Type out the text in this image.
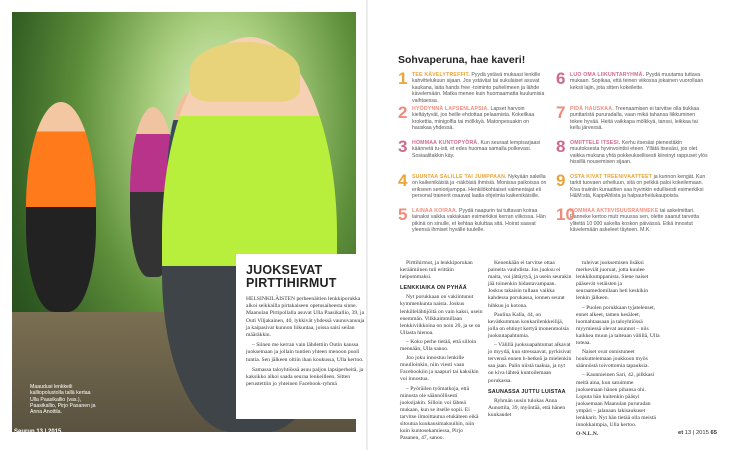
Maaudusi lenkkeili kalliopolustolla tallä kertaa Ulla Paasikallio (vas.), Paasikallio, Pirjo Pasanen ja Anna Anottila.
Seurun 13 | 2015
JUOKSEVAT PIRTTIHIRMUT

HELSINKILÄISTEN perheenäitien lenkkiporukka alkoi seikkailla pirtakaiseen opetusaiheesta sinne. Maanulan Pirtipollalla asuvat Ulla Paasikallio, 39, ja Outi Viljakainen, 40, lykkivät yhdessä vaunuvanuuja ja kaipasivat kunnon liikuntaa, joissa saisi seilan määräkkin.

– Siinen me kerran vain lähdettiin Outin kanssa juoksemaan ja jollain tuntien yhteen menoon puoli tuntia. Sen jälkeen oltiin ihan koukussa, Ulla kertoo.

Samassa taloyhtiössä asuu paljon lapsiperheitä, ja kaksikko alkoi saada seuraa lenkeilleen. Sitten perustettiin jo yhteinen Facebook-ryhmä

Sohvaperuna, hae kaveri!
1 TEE KÄVELYTREFFIT. Pyydä ystävä mukaasi lenkille kahvittelukuun sijaan. Jos ystäväsi tai sukulaiset asuvat kaukana, laita hands free -toiminto puhelimeen ja lähde kävelemään. Matka menee kuin huomaamatta kuulumisia vaihtaessa.
2 HYÖDYNNÄ LAPSENLAPSIA. Lapset harvoin kieltäytyvät, jos heille ehdottaa pelaamista. Kokeilkaa krokettia, minigolfia tai mölkkyä. Matonpesuakin on hauskaa yhdessä.
3 HOMMAA KUNTOPYÖRÄ. Kun seuraat lempisarjaasi käännetä tu-isti, et edes huomaa samalla polkevasi. Sosiaalitakkin käy.
4 SUUNTAA SALILLE TAI JUMPPAAN. Nykyään saleilla on kaikenikäisiä ja -näköisiä ihmisiä. Monissa paikoissa on erikseen seniorijumppa. Henkilökohtaiset valmentajat eli personal trainerit osaavat laatia ohjelmia kaikenikäisille.
5 LAINAA KOIRAA. Pyydä naapurin tai tuttavan koiraa lainaksi vaikka vakiakaan esimerkiksi kerran viikossa. Hän pikinä on sinulle, et kehtaa kuluttaa sitä. Hoirat saavat yleensä ihmiset hyvälle tuulelle.
6 LUO OMA LIIKUNTARYHMÄ. Pyydä muutama tuttava mukaan. Sopikaa, että teinen viikossa jokainen vuorollaan keksii lajin, jota sitten kokeilette.
7 PIDÄ HAUSKAA. Treenaamisen ei tarvitse olla tiukkaa punttaristä pururadalla, vaan mikä tahansa liikkuminen tekee hyvää. Heitä vaikkapa mölkkyä, tanssi, leikkaa tai kellu järvessä.
8 OMIITTELE ITSESI. Kerhu itsesäsi pienestäkin muutoksesta hyvinvointisi eteen. Yllätä itsesäsi, jos olet vaikka mukana yhtä pokkeuksellisesti kiireinyt rappuset ylös hissillä nousemisen sijaan.
9 OSTA KIVAT TREENIVAATTEET ja kunnon kengät. Kun tarkit tuovaen urheiluun, sitä on pelkkä paloi kokeilemaan. Kiva traiiniin kuraattien saa hyvinkin edullisesti esimerkiksi H&M:stä, KappAhlista ja halpaurheilukaupoista.
10
HOMMAA AKTIIVISUUSRANNEKE tai askelmittari. Ranneke kertoo mutr muussa sen, olette saanut tarvetta ylitettä 10 000 askelta koskon päivässä. Etkä innostut kävelemään askeleet täyteen. M.K.

Pirttihirmut, ja lenkkiporukan keräämiinen tuli erittäin helpommaksi.

LENKKIAIKA ON PYHÄÄ

Nyt porukkaan on vakiintunut kymmenkunta naista. Joskus lenkillelähtijöitä on vain kaksi, usein enemmän. Vilkkaimmillaan lenkkiviikkoina on noin 20, ja se on Ullasta hienoa.

– Koko perhe tietää, että silloin mennään, Ulla sanoo.

Joo joku innostuu lenkille muulloinkin, niin viesti vaan Facebookiin ja naapuri tai kaksikin voi innostua.

– Pyöräilen työmatkoja, että minusta ole säännöllisesti juoksijakin. Silloin voi lähteä mukaan, kun se itselle sopii. Ei tarvitse ilmoittautua etukäteen eikä sitoutua kuukausimaksuihin, niin kuin kuntosekamiessa, Pirjo Pasanen, 47, sanoo.

Kenenkään ei tarvitse ottaa paineita vauhdista. Jos juoksu ei maita, voi jättäytyä, ja usein seurakin jää toinenkin hidastavampaan. Joskus takaisin tullaan vaikka kahdessa porukassa, ionnen seurat hihkuu jo kotona.

Paulina Kalla, 44, on kevätkumman konkarilenkkeilijä, jolla on ehtinyt kertyä monenmoisia juoksutapahtumia.

– Välillä juoksuapahtumat alkavat jo myydä, kun stressaavat, pyrkisivat tervensä ennen h-hetkeä ja mielenkin saa jaan. Palin niistä taakua, ja nyt on kiva lähteä kuntoilemaan porukassa.

SAUNASSA JUTTU LUISTAA

Ryhmän uusin tulokas Anna Aunottila, 39, myöntää, että hänen kuukaudet

tuleivat juoksemisen lisäksi merkeviät juoruat, jotta kuulee lenkkikumppanista. Siene naiset pääsevät vetäisten ja seuraamedomilaan heti keskikin lenkin jälkeen.

– Puolen porukkaan tyjatelenset, ennet alkeet, tamen kesäleet, luomahtaasaan ja taloyhtiössä myymiessä olevat asunnot – niis kaikkea muun ja taiteaan välillä, Ulla toteaa.

Naiset ovat onnistuneet houkuttelemaan joukkoon myös säännöstä toivottomia tapauksia.

– Kaunnieinen Sari, 42, pilkkasi meitä aina, kun satuimme juoksemaan hänen pihansa ohi. Loputa hän kuitenkin pääsyi juoksemaan Maanulan pururadan ympäri – jalanaan lakisaukuset lenkkarit. Nyt hän tietää olla meistä innokkaimpia, Ulla kertoo.

O-N.L.N.	et 13 | 2015 65
